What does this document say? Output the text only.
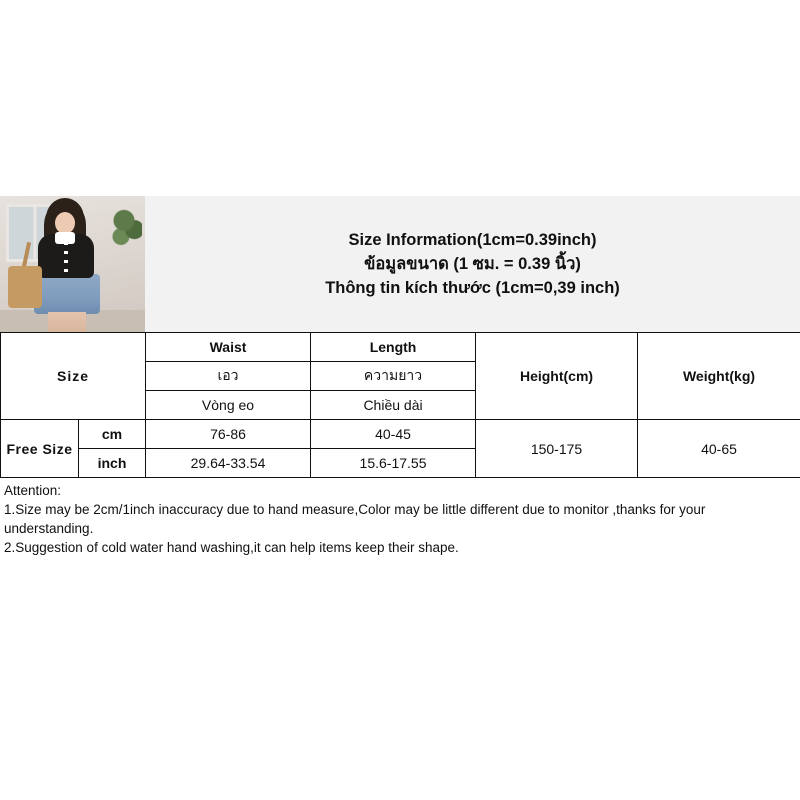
Size Information(1cm=0.39inch)
ข้อมูลขนาด (1 ซม. = 0.39 นิ้ว)
Thông tin kích thước (1cm=0,39 inch)
Size		Waist	Length	Height(cm)	Weight(kg)
		เอว	ความยาว		
		Vòng eo	Chiều dài		
Free Size	cm	76-86	40-45	150-175	40-65
	inch	29.64-33.54	15.6-17.55		

Attention:

1.Size may be 2cm/1inch inaccuracy due to hand measure,Color may be little different due to monitor ,thanks for your understanding.

2.Suggestion of cold water hand washing,it can help items keep their shape.
